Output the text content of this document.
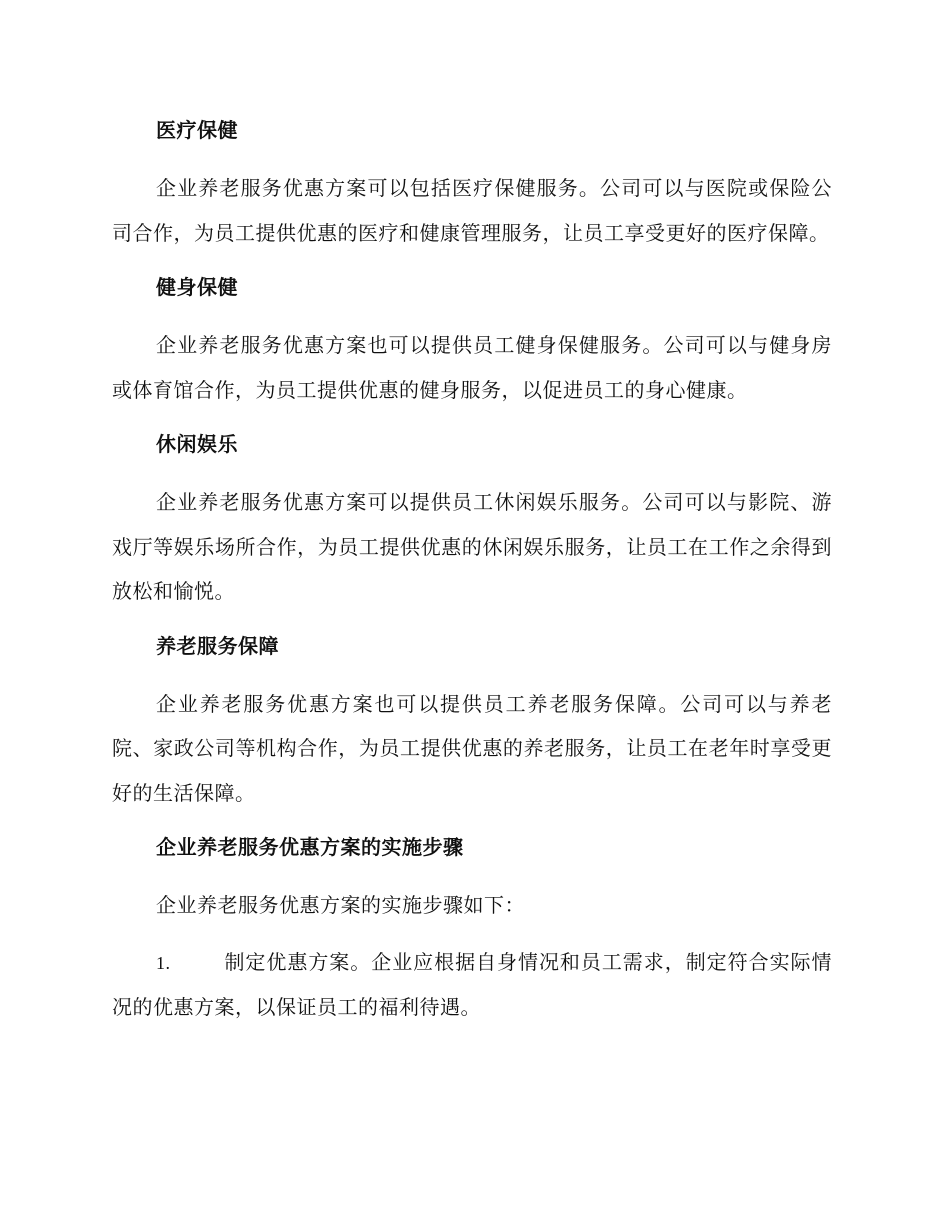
医疗保健

企业养老服务优惠方案可以包括医疗保健服务。公司可以与医院或保险公司合作，为员工提供优惠的医疗和健康管理服务，让员工享受更好的医疗保障。

健身保健

企业养老服务优惠方案也可以提供员工健身保健服务。公司可以与健身房或体育馆合作，为员工提供优惠的健身服务，以促进员工的身心健康。

休闲娱乐

企业养老服务优惠方案可以提供员工休闲娱乐服务。公司可以与影院、游戏厅等娱乐场所合作，为员工提供优惠的休闲娱乐服务，让员工在工作之余得到放松和愉悦。

养老服务保障

企业养老服务优惠方案也可以提供员工养老服务保障。公司可以与养老院、家政公司等机构合作，为员工提供优惠的养老服务，让员工在老年时享受更好的生活保障。

企业养老服务优惠方案的实施步骤

企业养老服务优惠方案的实施步骤如下：

1.	制定优惠方案。企业应根据自身情况和员工需求，制定符合实际情况的优惠方案，以保证员工的福利待遇。
